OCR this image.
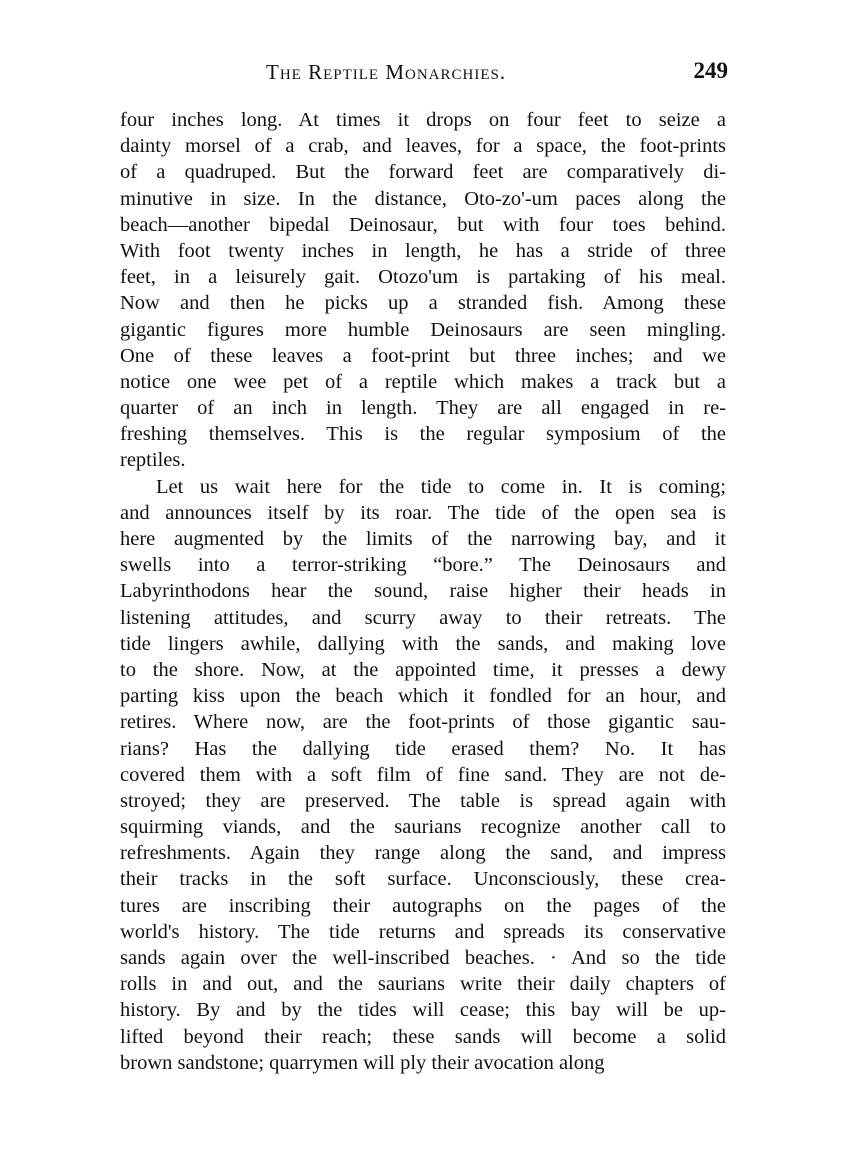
The Reptile Monarchies.	249
four inches long. At times it drops on four feet to seize a
dainty morsel of a crab, and leaves, for a space, the foot-prints
of a quadruped. But the forward feet are comparatively di-
minutive in size. In the distance, Oto-zo'-um paces along the
beach—another bipedal Deinosaur, but with four toes behind.
With foot twenty inches in length, he has a stride of three
feet, in a leisurely gait. Otozo'um is partaking of his meal.
Now and then he picks up a stranded fish. Among these
gigantic figures more humble Deinosaurs are seen mingling.
One of these leaves a foot-print but three inches; and we
notice one wee pet of a reptile which makes a track but a
quarter of an inch in length. They are all engaged in re-
freshing themselves. This is the regular symposium of the
reptiles.
Let us wait here for the tide to come in. It is coming;
and announces itself by its roar. The tide of the open sea is
here augmented by the limits of the narrowing bay, and it
swells into a terror-striking “bore.” The Deinosaurs and
Labyrinthodons hear the sound, raise higher their heads in
listening attitudes, and scurry away to their retreats. The
tide lingers awhile, dallying with the sands, and making love
to the shore. Now, at the appointed time, it presses a dewy
parting kiss upon the beach which it fondled for an hour, and
retires. Where now, are the foot-prints of those gigantic sau-
rians? Has the dallying tide erased them? No. It has
covered them with a soft film of fine sand. They are not de-
stroyed; they are preserved. The table is spread again with
squirming viands, and the saurians recognize another call to
refreshments. Again they range along the sand, and impress
their tracks in the soft surface. Unconsciously, these crea-
tures are inscribing their autographs on the pages of the
world's history. The tide returns and spreads its conservative
sands again over the well-inscribed beaches. · And so the tide
rolls in and out, and the saurians write their daily chapters of
history. By and by the tides will cease; this bay will be up-
lifted beyond their reach; these sands will become a solid
brown sandstone; quarrymen will ply their avocation along
